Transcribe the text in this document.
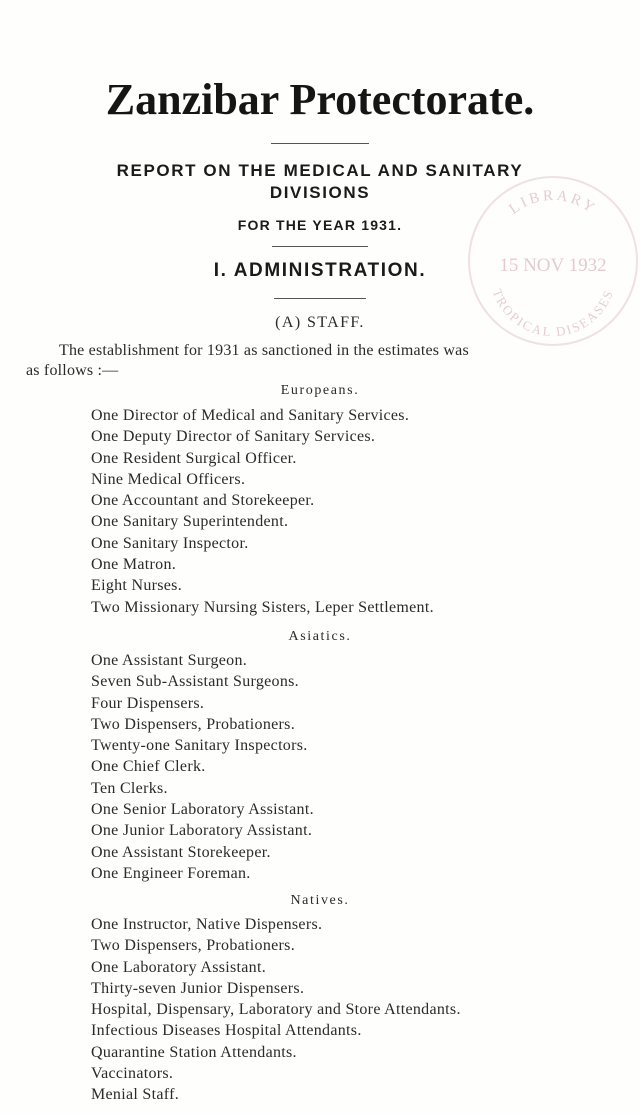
LIBRARY
15 NOV 1932
TROPICAL DISEASES
Zanzibar Protectorate.
REPORT ON THE MEDICAL AND SANITARY
DIVISIONS
FOR THE YEAR 1931.
I. ADMINISTRATION.
(A) STAFF.
The establishment for 1931 as sanctioned in the estimates was
as follows :—
Europeans.
One Director of Medical and Sanitary Services.
One Deputy Director of Sanitary Services.
One Resident Surgical Officer.
Nine Medical Officers.
One Accountant and Storekeeper.
One Sanitary Superintendent.
One Sanitary Inspector.
One Matron.
Eight Nurses.
Two Missionary Nursing Sisters, Leper Settlement.
Asiatics.
One Assistant Surgeon.
Seven Sub-Assistant Surgeons.
Four Dispensers.
Two Dispensers, Probationers.
Twenty-one Sanitary Inspectors.
One Chief Clerk.
Ten Clerks.
One Senior Laboratory Assistant.
One Junior Laboratory Assistant.
One Assistant Storekeeper.
One Engineer Foreman.
Natives.
One Instructor, Native Dispensers.
Two Dispensers, Probationers.
One Laboratory Assistant.
Thirty-seven Junior Dispensers.
Hospital, Dispensary, Laboratory and Store Attendants.
Infectious Diseases Hospital Attendants.
Quarantine Station Attendants.
Vaccinators.
Menial Staff.
